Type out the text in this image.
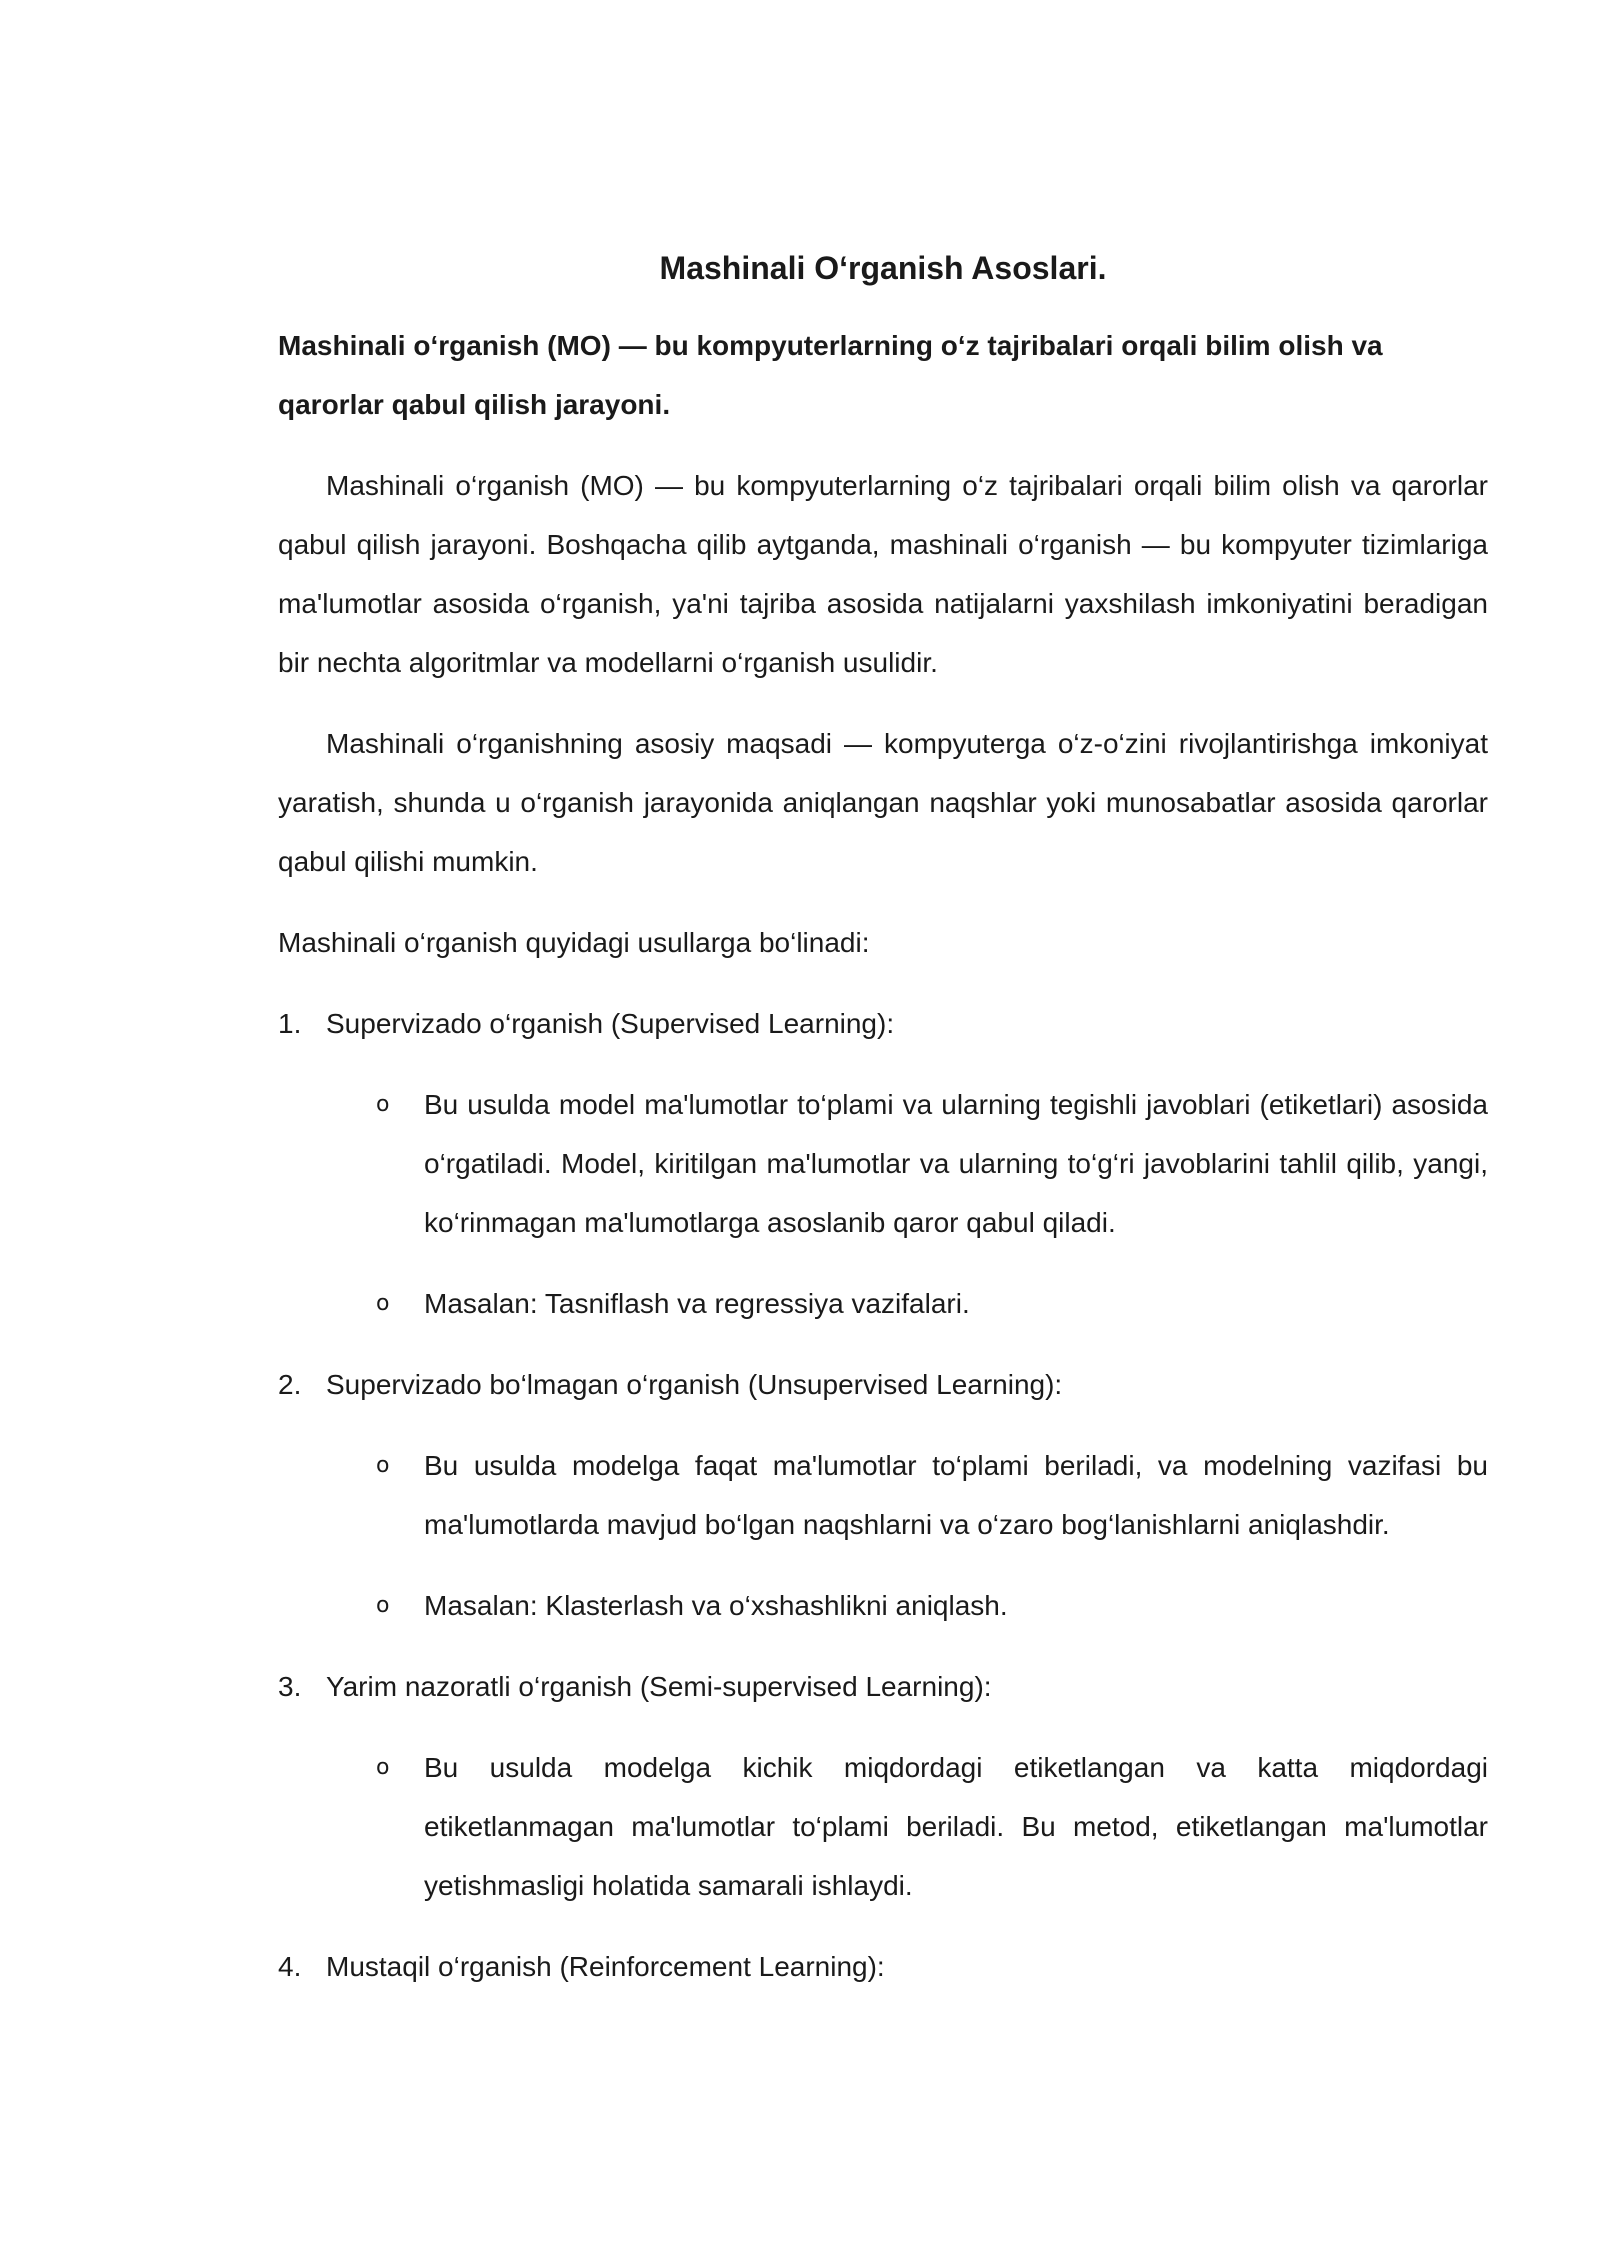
Mashinali O‘rganish Asoslari.
Mashinali o‘rganish (MO) — bu kompyuterlarning o‘z tajribalari orqali bilim olish va qarorlar qabul qilish jarayoni.
Mashinali o‘rganish (MO) — bu kompyuterlarning o‘z tajribalari orqali bilim olish va qarorlar qabul qilish jarayoni. Boshqacha qilib aytganda, mashinali o‘rganish — bu kompyuter tizimlariga ma'lumotlar asosida o‘rganish, ya'ni tajriba asosida natijalarni yaxshilash imkoniyatini beradigan bir nechta algoritmlar va modellarni o‘rganish usulidir.
Mashinali o‘rganishning asosiy maqsadi — kompyuterga o‘z-o‘zini rivojlantirishga imkoniyat yaratish, shunda u o‘rganish jarayonida aniqlangan naqshlar yoki munosabatlar asosida qarorlar qabul qilishi mumkin.
Mashinali o‘rganish quyidagi usullarga bo‘linadi:
1. Supervizado o‘rganish (Supervised Learning):
o Bu usulda model ma'lumotlar to‘plami va ularning tegishli javoblari (etiketlari) asosida o‘rgatiladi. Model, kiritilgan ma'lumotlar va ularning to‘g‘ri javoblarini tahlil qilib, yangi, ko‘rinmagan ma'lumotlarga asoslanib qaror qabul qiladi.
o Masalan: Tasniflash va regressiya vazifalari.
2. Supervizado bo‘lmagan o‘rganish (Unsupervised Learning):
o Bu usulda modelga faqat ma'lumotlar to‘plami beriladi, va modelning vazifasi bu ma'lumotlarda mavjud bo‘lgan naqshlarni va o‘zaro bog‘lanishlarni aniqlashdir.
o Masalan: Klasterlash va o‘xshashlikni aniqlash.
3. Yarim nazoratli o‘rganish (Semi-supervised Learning):
o Bu usulda modelga kichik miqdordagi etiketlangan va katta miqdordagi etiketlanmagan ma'lumotlar to‘plami beriladi. Bu metod, etiketlangan ma'lumotlar yetishmasligi holatida samarali ishlaydi.
4. Mustaqil o‘rganish (Reinforcement Learning):
